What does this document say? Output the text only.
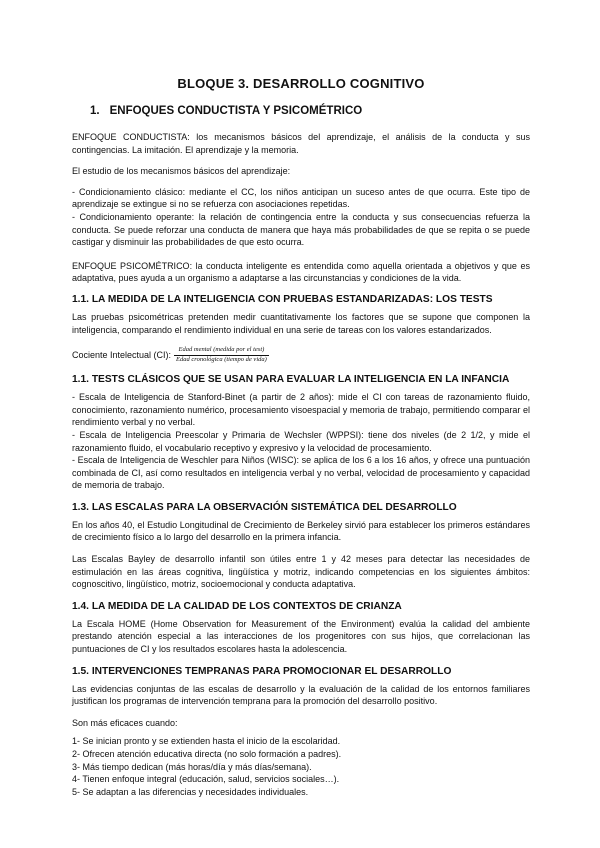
BLOQUE 3. DESARROLLO COGNITIVO
1. ENFOQUES CONDUCTISTA Y PSICOMÉTRICO

ENFOQUE CONDUCTISTA: los mecanismos básicos del aprendizaje, el análisis de la conducta y sus contingencias. La imitación. El aprendizaje y la memoria.

El estudio de los mecanismos básicos del aprendizaje:

- Condicionamiento clásico: mediante el CC, los niños anticipan un suceso antes de que ocurra. Este tipo de aprendizaje se extingue si no se refuerza con asociaciones repetidas.

- Condicionamiento operante: la relación de contingencia entre la conducta y sus consecuencias refuerza la conducta. Se puede reforzar una conducta de manera que haya más probabilidades de que se repita o se puede castigar y disminuir las probabilidades de que esto ocurra.

ENFOQUE PSICOMÉTRICO: la conducta inteligente es entendida como aquella orientada a objetivos y que es adaptativa, pues ayuda a un organismo a adaptarse a las circunstancias y condiciones de la vida.

1.1. LA MEDIDA DE LA INTELIGENCIA CON PRUEBAS ESTANDARIZADAS: LOS TESTS

Las pruebas psicométricas pretenden medir cuantitativamente los factores que se supone que componen la inteligencia, comparando el rendimiento individual en una serie de tareas con los valores estandarizados.

Cociente Intelectual (CI): $\frac{\text{Edad mental (medida por el test)}}{\text{Edad cronológica (tiempo de vida)}}$
1.1. TESTS CLÁSICOS QUE SE USAN PARA EVALUAR LA INTELIGENCIA EN LA INFANCIA

- Escala de Inteligencia de Stanford-Binet (a partir de 2 años): mide el CI con tareas de razonamiento fluido, conocimiento, razonamiento numérico, procesamiento visoespacial y memoria de trabajo, permitiendo comparar el rendimiento verbal y no verbal.

- Escala de Inteligencia Preescolar y Primaria de Wechsler (WPPSI): tiene dos niveles (de 2 1/2, y mide el razonamiento fluido, el vocabulario receptivo y expresivo y la velocidad de procesamiento.

- Escala de Inteligencia de Weschler para Niños (WISC): se aplica de los 6 a los 16 años, y ofrece una puntuación combinada de CI, así como resultados en inteligencia verbal y no verbal, velocidad de procesamiento y capacidad de memoria de trabajo.

1.3. LAS ESCALAS PARA LA OBSERVACIÓN SISTEMÁTICA DEL DESARROLLO

En los años 40, el Estudio Longitudinal de Crecimiento de Berkeley sirvió para establecer los primeros estándares de crecimiento físico a lo largo del desarrollo en la primera infancia.

Las Escalas Bayley de desarrollo infantil son útiles entre 1 y 42 meses para detectar las necesidades de estimulación en las áreas cognitiva, lingüística y motriz, indicando competencias en los siguientes ámbitos: cognoscitivo, lingüístico, motriz, socioemocional y conducta adaptativa.

1.4. LA MEDIDA DE LA CALIDAD DE LOS CONTEXTOS DE CRIANZA

La Escala HOME (Home Observation for Measurement of the Environment) evalúa la calidad del ambiente prestando atención especial a las interacciones de los progenitores con sus hijos, que correlacionan las puntuaciones de CI y los resultados escolares hasta la adolescencia.

1.5. INTERVENCIONES TEMPRANAS PARA PROMOCIONAR EL DESARROLLO

Las evidencias conjuntas de las escalas de desarrollo y la evaluación de la calidad de los entornos familiares justifican los programas de intervención temprana para la promoción del desarrollo positivo.

Son más eficaces cuando:

1- Se inician pronto y se extienden hasta el inicio de la escolaridad.
2- Ofrecen atención educativa directa (no solo formación a padres).
3- Más tiempo dedican (más horas/día y más días/semana).
4- Tienen enfoque integral (educación, salud, servicios sociales…).
5- Se adaptan a las diferencias y necesidades individuales.
